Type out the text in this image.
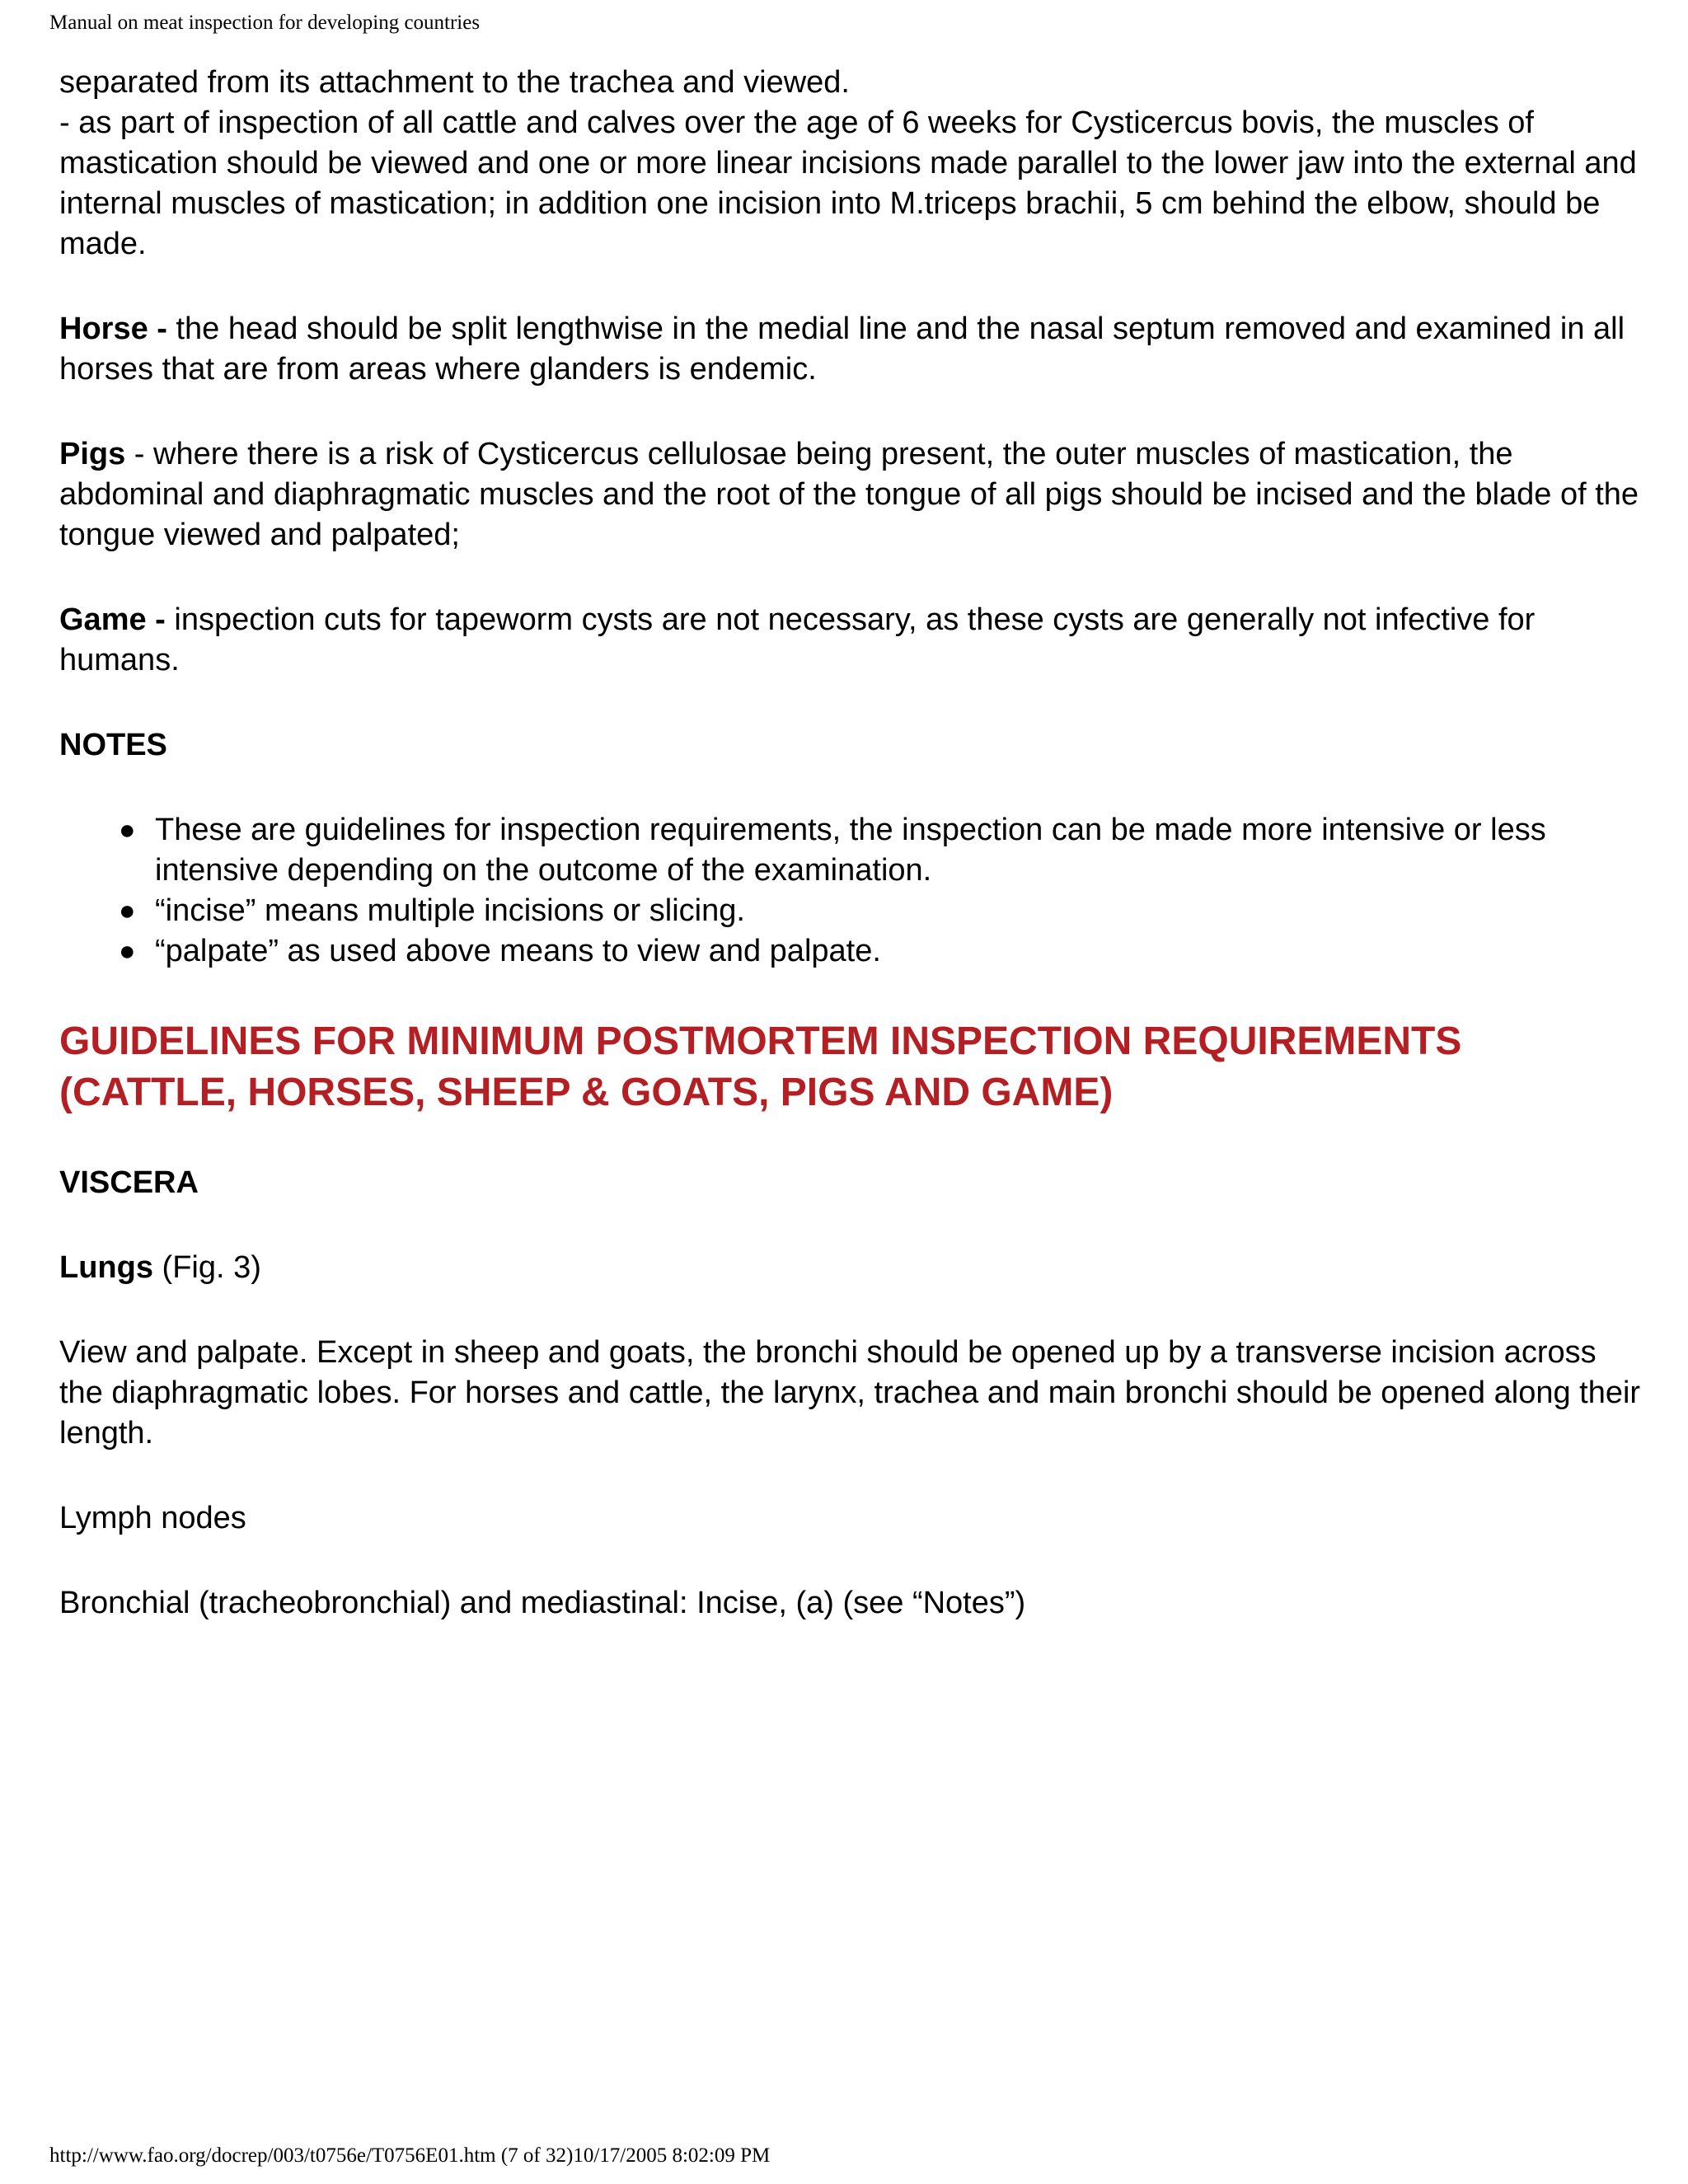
Manual on meat inspection for developing countries

separated from its attachment to the trachea and viewed.

- as part of inspection of all cattle and calves over the age of 6 weeks for Cysticercus bovis, the muscles of mastication should be viewed and one or more linear incisions made parallel to the lower jaw into the external and internal muscles of mastication; in addition one incision into M.triceps brachii, 5 cm behind the elbow, should be made.

Horse - the head should be split lengthwise in the medial line and the nasal septum removed and examined in all horses that are from areas where glanders is endemic.

Pigs - where there is a risk of Cysticercus cellulosae being present, the outer muscles of mastication, the abdominal and diaphragmatic muscles and the root of the tongue of all pigs should be incised and the blade of the tongue viewed and palpated;

Game - inspection cuts for tapeworm cysts are not necessary, as these cysts are generally not infective for humans.

NOTES
● These are guidelines for inspection requirements, the inspection can be made more intensive or less intensive depending on the outcome of the examination.
● “incise” means multiple incisions or slicing.
● “palpate” as used above means to view and palpate.
GUIDELINES FOR MINIMUM POSTMORTEM INSPECTION REQUIREMENTS (CATTLE, HORSES, SHEEP & GOATS, PIGS AND GAME)
VISCERA

Lungs (Fig. 3)

View and palpate. Except in sheep and goats, the bronchi should be opened up by a transverse incision across the diaphragmatic lobes. For horses and cattle, the larynx, trachea and main bronchi should be opened along their length.

Lymph nodes

Bronchial (tracheobronchial) and mediastinal: Incise, (a) (see “Notes”)

http://www.fao.org/docrep/003/t0756e/T0756E01.htm (7 of 32)10/17/2005 8:02:09 PM
